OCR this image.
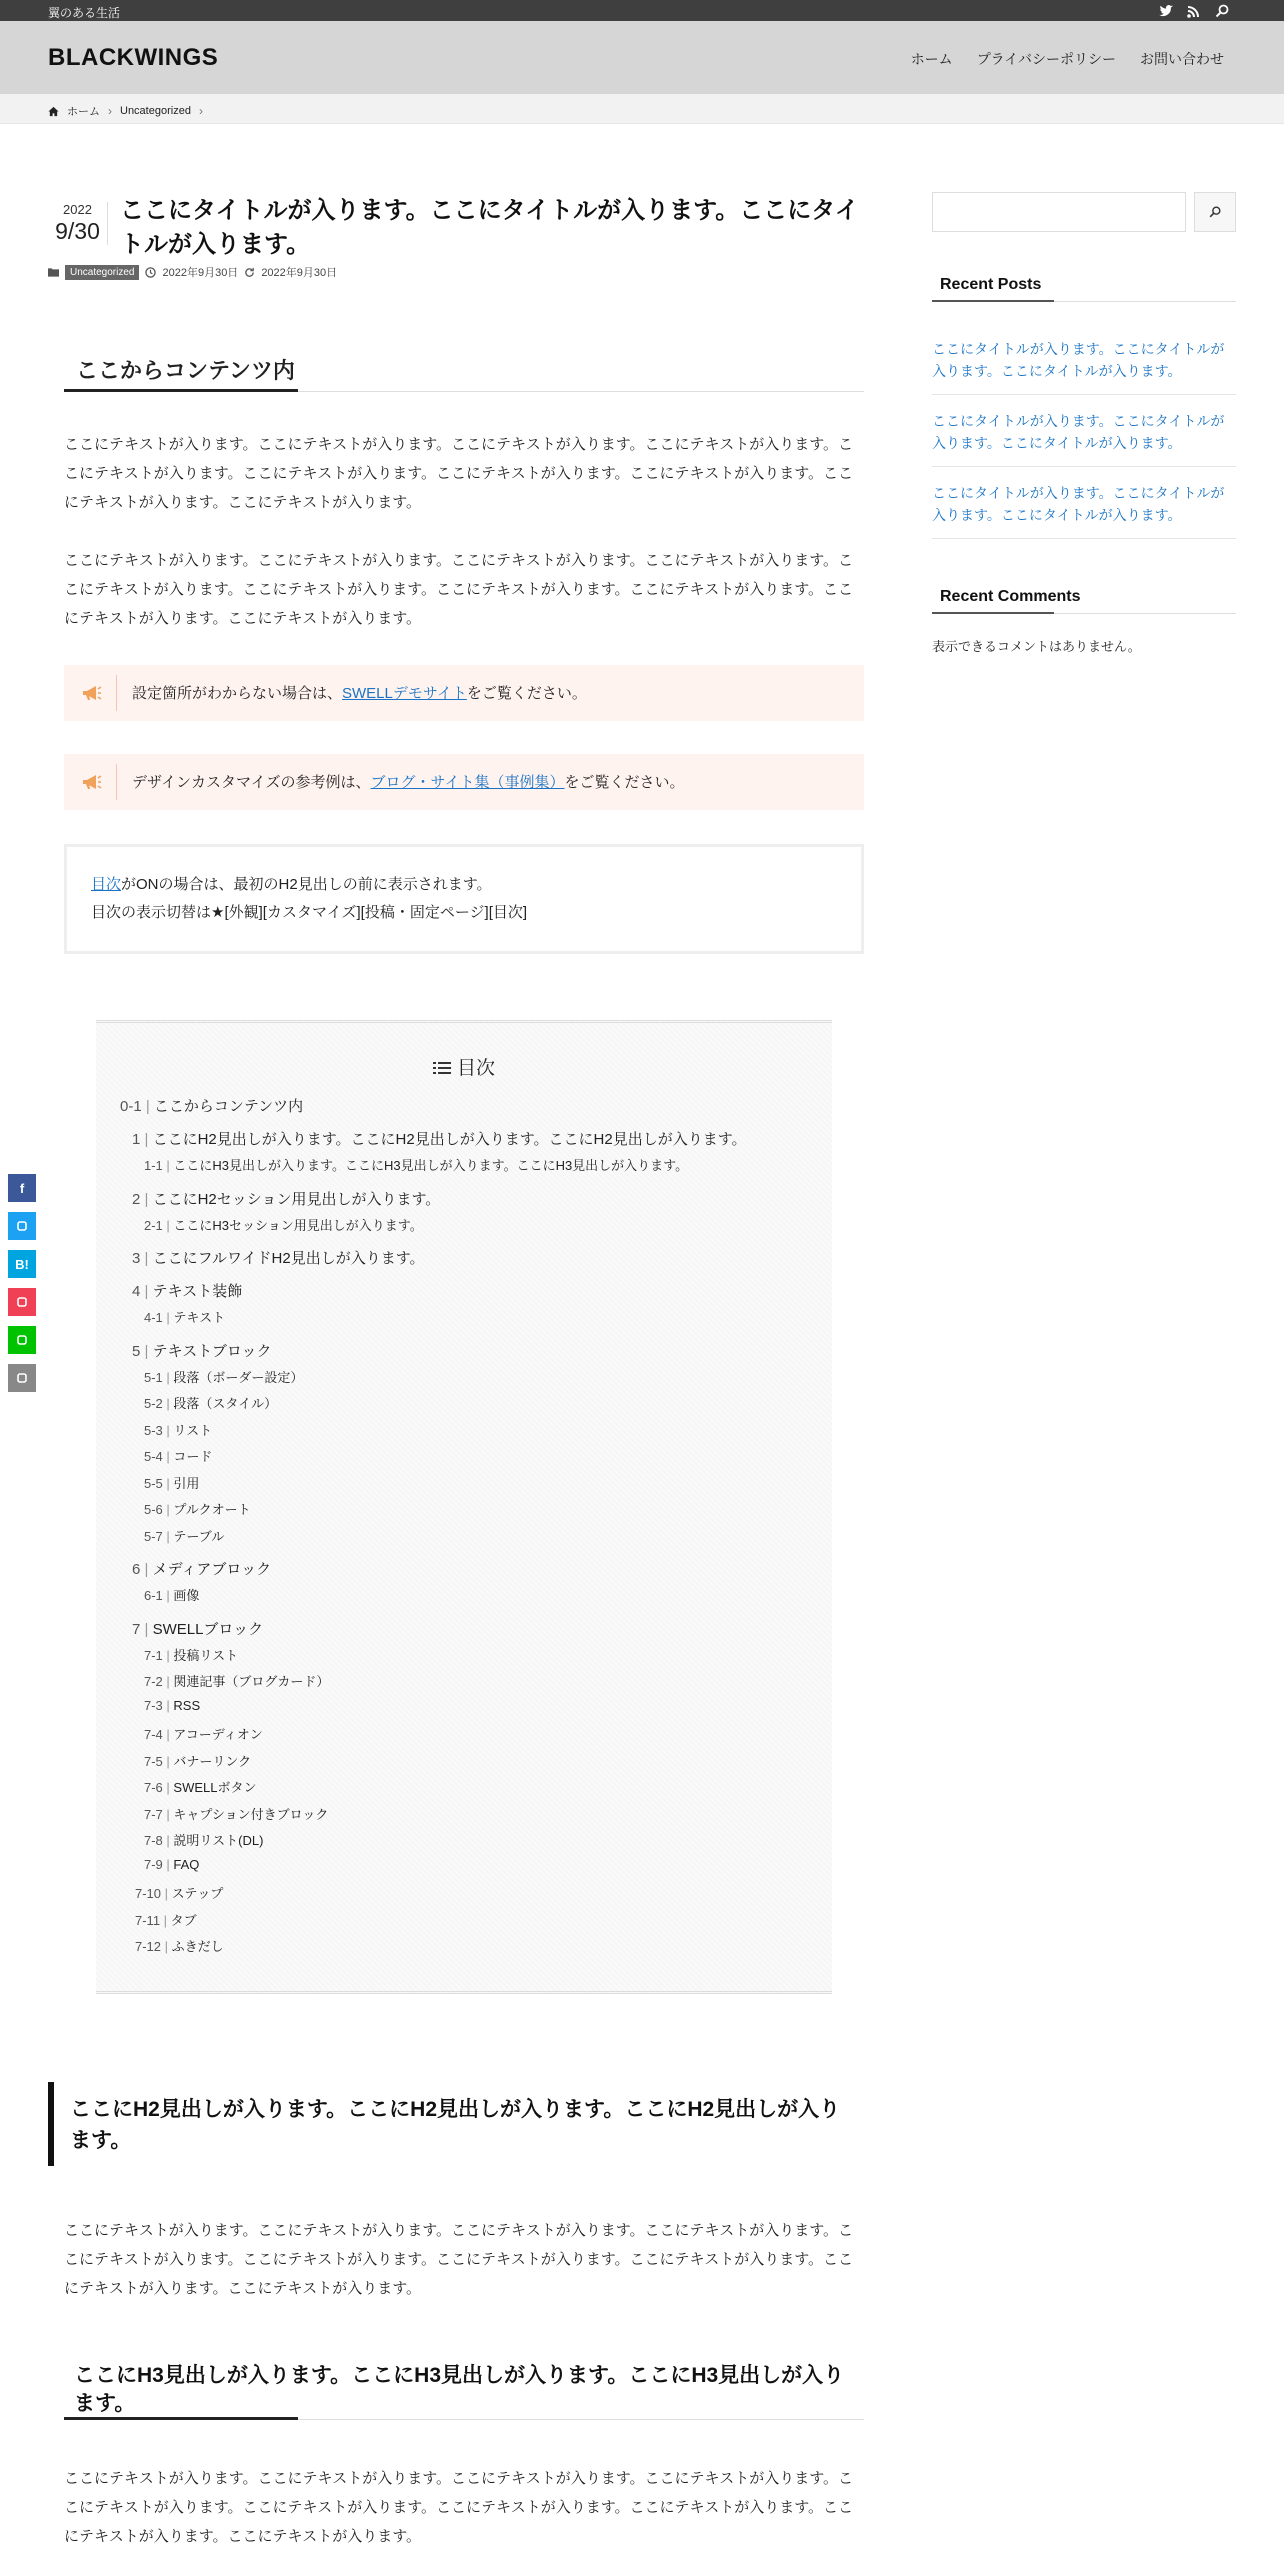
翼のある生活
BLACKWINGS	ホーム プライバシーポリシー お問い合わせ
ホーム › Uncategorized ›
2022
9/30
ここにタイトルが入ります。ここにタイトルが入ります。ここにタイトルが入ります。
Uncategorized	2022年9月30日 2022年9月30日
ここからコンテンツ内

ここにテキストが入ります。ここにテキストが入ります。ここにテキストが入ります。ここにテキストが入ります。ここにテキストが入ります。ここにテキストが入ります。ここにテキストが入ります。ここにテキストが入ります。ここにテキストが入ります。ここにテキストが入ります。

ここにテキストが入ります。ここにテキストが入ります。ここにテキストが入ります。ここにテキストが入ります。ここにテキストが入ります。ここにテキストが入ります。ここにテキストが入ります。ここにテキストが入ります。ここにテキストが入ります。ここにテキストが入ります。

設定箇所がわからない場合は、SWELLデモサイトをご覧ください。
デザインカスタマイズの参考例は、ブログ・サイト集（事例集）をご覧ください。
目次がONの場合は、最初のH2見出しの前に表示されます。
目次の表示切替は★[外観][カスタマイズ][投稿・固定ページ][目次]
目次
0-1 | ここからコンテンツ内
1 | ここにH2見出しが入ります。ここにH2見出しが入ります。ここにH2見出しが入ります。
1-1 | ここにH3見出しが入ります。ここにH3見出しが入ります。ここにH3見出しが入ります。
2 | ここにH2セッション用見出しが入ります。
2-1 | ここにH3セッション用見出しが入ります。
3 | ここにフルワイドH2見出しが入ります。
4 | テキスト装飾
4-1 | テキスト
5 | テキストブロック
5-1 | 段落（ボーダー設定）
5-2 | 段落（スタイル）
5-3 | リスト
5-4 | コード
5-5 | 引用
5-6 | プルクオート
5-7 | テーブル
6 | メディアブロック
6-1 | 画像
7 | SWELLブロック
7-1 | 投稿リスト
7-2 | 関連記事（ブログカード）
7-3 | RSS
7-4 | アコーディオン
7-5 | バナーリンク
7-6 | SWELLボタン
7-7 | キャプション付きブロック
7-8 | 説明リスト(DL)
7-9 | FAQ
7-10 | ステップ
7-11 | タブ
7-12 | ふきだし
ここにH2見出しが入ります。ここにH2見出しが入ります。ここにH2見出しが入ります。

ここにテキストが入ります。ここにテキストが入ります。ここにテキストが入ります。ここにテキストが入ります。ここにテキストが入ります。ここにテキストが入ります。ここにテキストが入ります。ここにテキストが入ります。ここにテキストが入ります。ここにテキストが入ります。

ここにH3見出しが入ります。ここにH3見出しが入ります。ここにH3見出しが入ります。

ここにテキストが入ります。ここにテキストが入ります。ここにテキストが入ります。ここにテキストが入ります。ここにテキストが入ります。ここにテキストが入ります。ここにテキストが入ります。ここにテキストが入ります。ここにテキストが入ります。ここにテキストが入ります。

Recent Posts
ここにタイトルが入ります。ここにタイトルが入ります。ここにタイトルが入ります。
ここにタイトルが入ります。ここにタイトルが入ります。ここにタイトルが入ります。
ここにタイトルが入ります。ここにタイトルが入ります。ここにタイトルが入ります。
Recent Comments
表示できるコメントはありません。
f
B!
